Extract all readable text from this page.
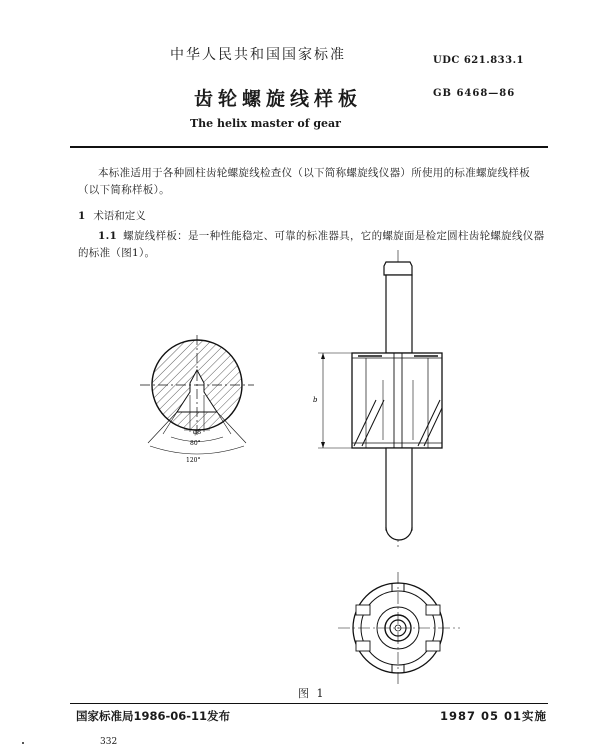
中华人民共和国国家标准	UDC 621.833.1
齿轮螺旋线样板	GB 6468—86
The helix master of gear
本标准适用于各种圆柱齿轮螺旋线检查仪（以下简称螺旋线仪器）所使用的标准螺旋线样板（以下简称样板）。
1 术语和定义
1.1 螺旋线样板：是一种性能稳定、可靠的标准器具，它的螺旋面是检定圆柱齿轮螺旋线仪器的标准（图1）。
φ8
80°
120°
b
图 1
国家标准局1986-06-11发布	1987 05 01实施
332
